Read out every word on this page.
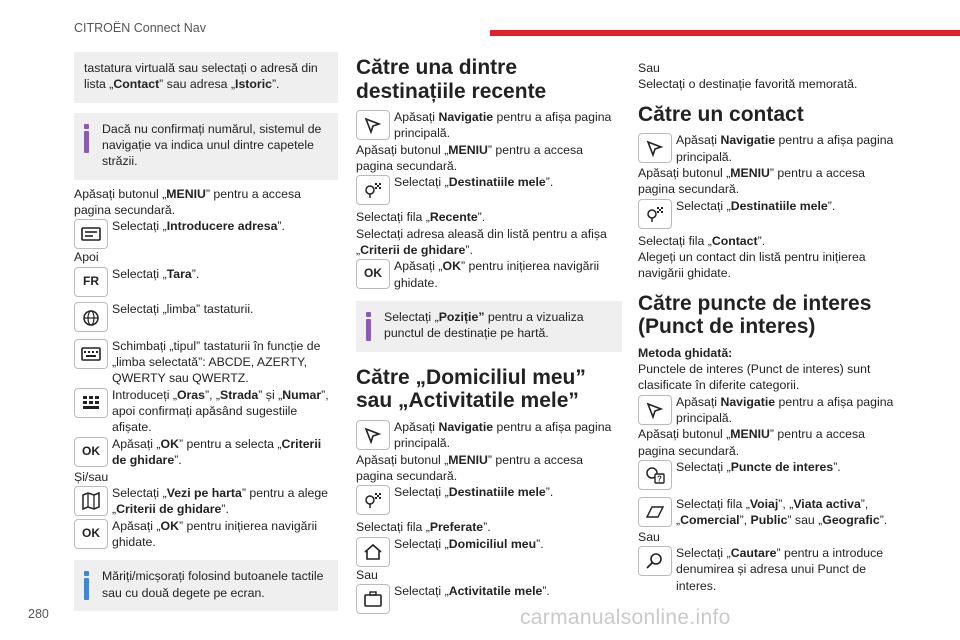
CITROËN Connect Nav

tastatura virtuală sau selectați o adresă din lista „Contact” sau adresa „Istoric”.

Dacă nu confirmați numărul, sistemul de navigație va indica unul dintre capetele străzii.

Apăsați butonul „MENIU” pentru a accesa pagina secundară.

Selectați „Introducere adresa”.

Apoi

FR
Selectați „Tara”.
Selectați „limba” tastaturii.
Schimbați „tipul” tastaturii în funcție de „limba selectată”: ABCDE, AZERTY, QWERTY sau QWERTZ.

Introduceți „Oras”, „Strada” și „Numar”, apoi confirmați apăsând sugestiile afișate.
OK
Apăsați „OK” pentru a selecta „Criterii de ghidare”.

Și/sau

Selectați „Vezi pe harta” pentru a alege „Criterii de ghidare”.
OK
Apăsați „OK” pentru inițierea navigării ghidate.

Măriți/micșorați folosind butoanele tactile sau cu două degete pe ecran.

Către una dintre destinațiile recente
Apăsați Navigatie pentru a afișa pagina principală.

Apăsați butonul „MENIU” pentru a accesa pagina secundară.

Selectați „Destinatiile mele”.

Selectați fila „Recente”.

Selectați adresa aleasă din listă pentru a afișa „Criterii de ghidare”.

OK
Apăsați „OK” pentru inițierea navigării ghidate.

Selectați „Poziție” pentru a vizualiza punctul de destinație pe hartă.

Către „Domiciliul meu” sau „Activitatile mele”
Apăsați Navigatie pentru a afișa pagina principală.

Apăsați butonul „MENIU” pentru a accesa pagina secundară.

Selectați „Destinatiile mele”.

Selectați fila „Preferate”.

Selectați „Domiciliul meu”.

Sau

Selectați „Activitatile mele”.

Sau

Selectați o destinație favorită memorată.

Către un contact
Apăsați Navigatie pentru a afișa pagina principală.

Apăsați butonul „MENIU” pentru a accesa pagina secundară.

Selectați „Destinatiile mele”.

Selectați fila „Contact”.

Alegeți un contact din listă pentru inițierea navigării ghidate.

Către puncte de interes (Punct de interes)

Metoda ghidată:

Punctele de interes (Punct de interes) sunt clasificate în diferite categorii.

Apăsați Navigatie pentru a afișa pagina principală.

Apăsați butonul „MENIU” pentru a accesa pagina secundară.

?
Selectați „Puncte de interes”.
Selectați fila „Voiaj”, „Viata activa”, „Comercial”, Public” sau „Geografic”.

Sau

Selectați „Cautare” pentru a introduce denumirea și adresa unui Punct de interes.
280	carmanualsonline.info
